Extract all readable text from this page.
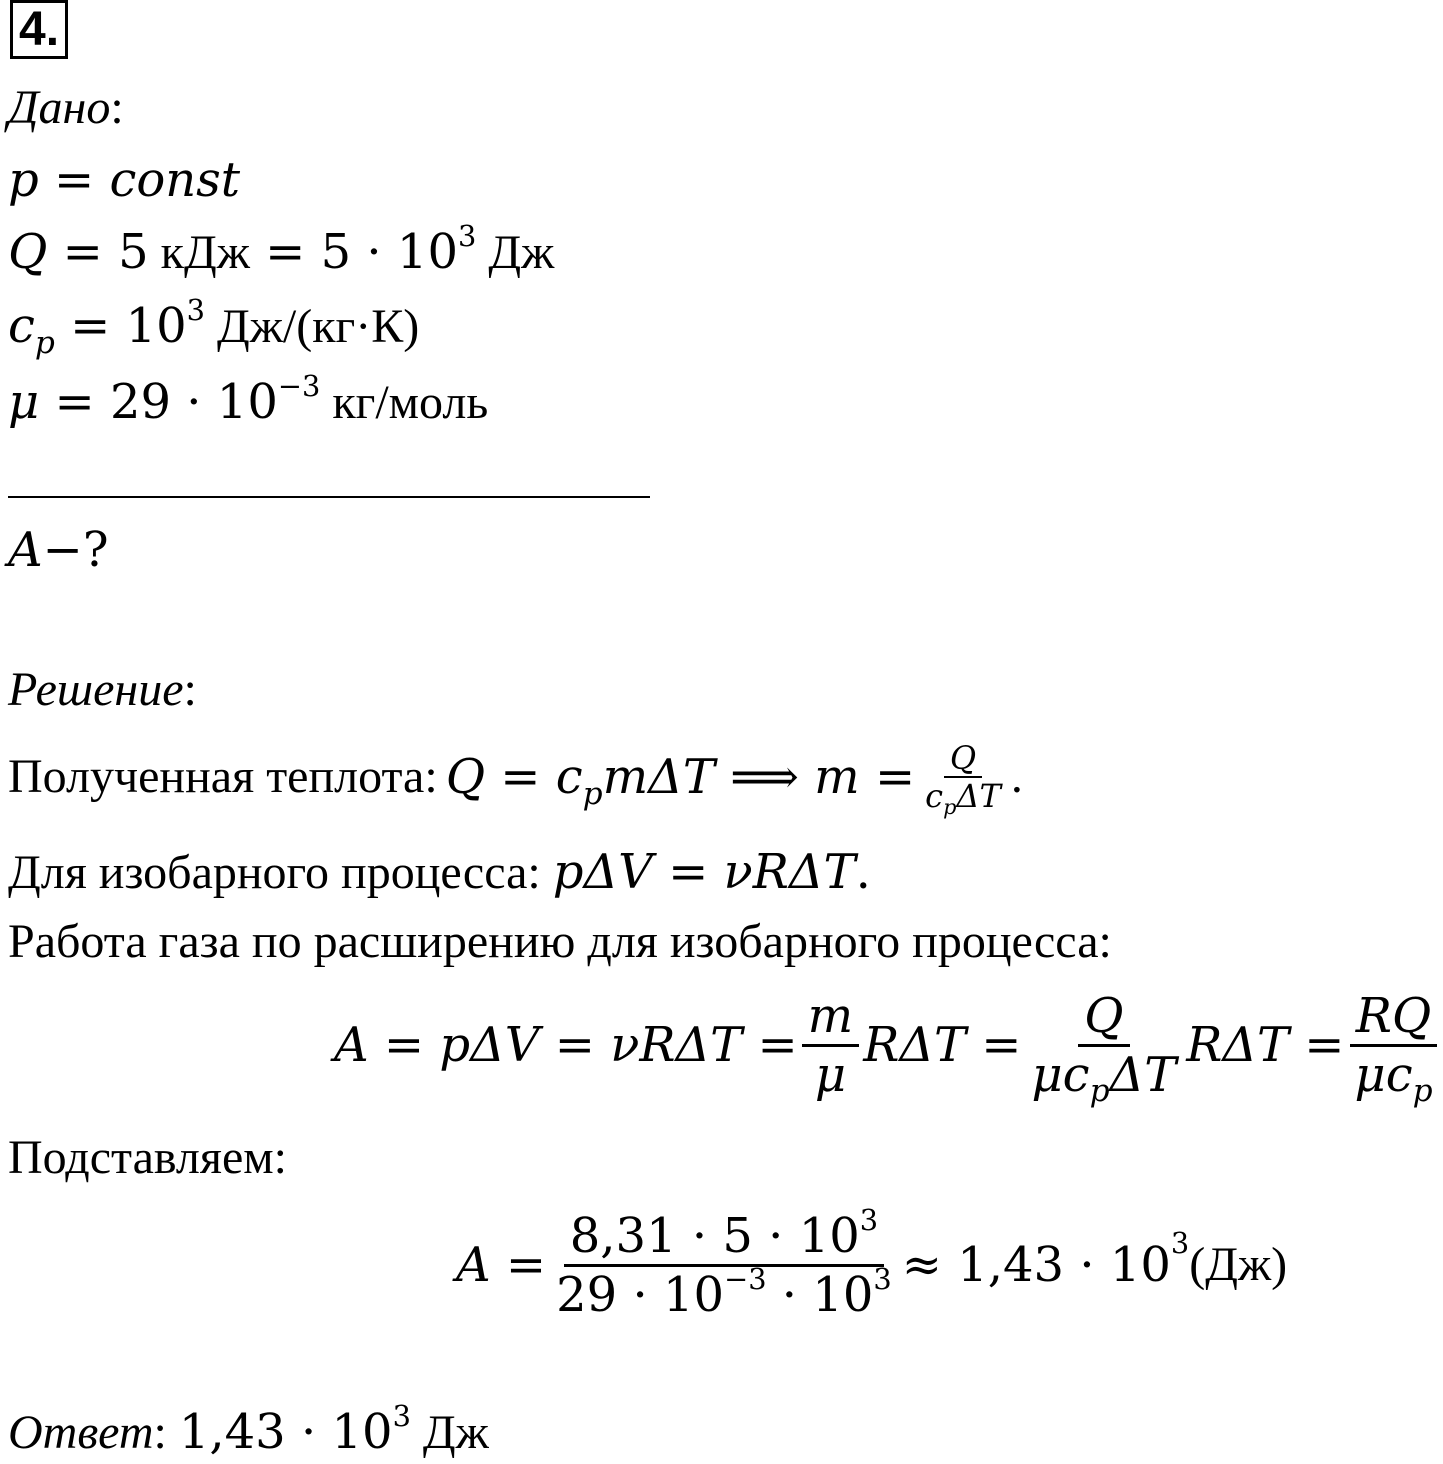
4.
Дано:
p = const
Q = 5 кДж = $5 \cdot 10^3$ Дж
$c_p = 10^3$ Дж/(кг·К)
$\mu = 29 \cdot 10^{-3}$ кг/моль
A−?
Решение:
Полученная теплота: $Q = c_pm\Delta T$ ⟹ $m = \frac{Q}{c_p\Delta T}$ .
Для изобарного процесса: pΔV = νRΔT.
Работа газа по расширению для изобарного процесса:
$A = p\Delta V = \nu R\Delta T = \frac{m}{\mu}$ $R\Delta T = \frac{Q}{\mu c_p\Delta T}$ $R\Delta T = \frac{RQ}{\mu c_p}$
Подставляем:
$A = \frac{8,31 \cdot 5 \cdot 10^3}{29 \cdot 10^{-3} \cdot 10^3} \approx 1,43 \cdot 10^3$ (Дж)
Ответ: $1,43 \cdot 10^3$ Дж
